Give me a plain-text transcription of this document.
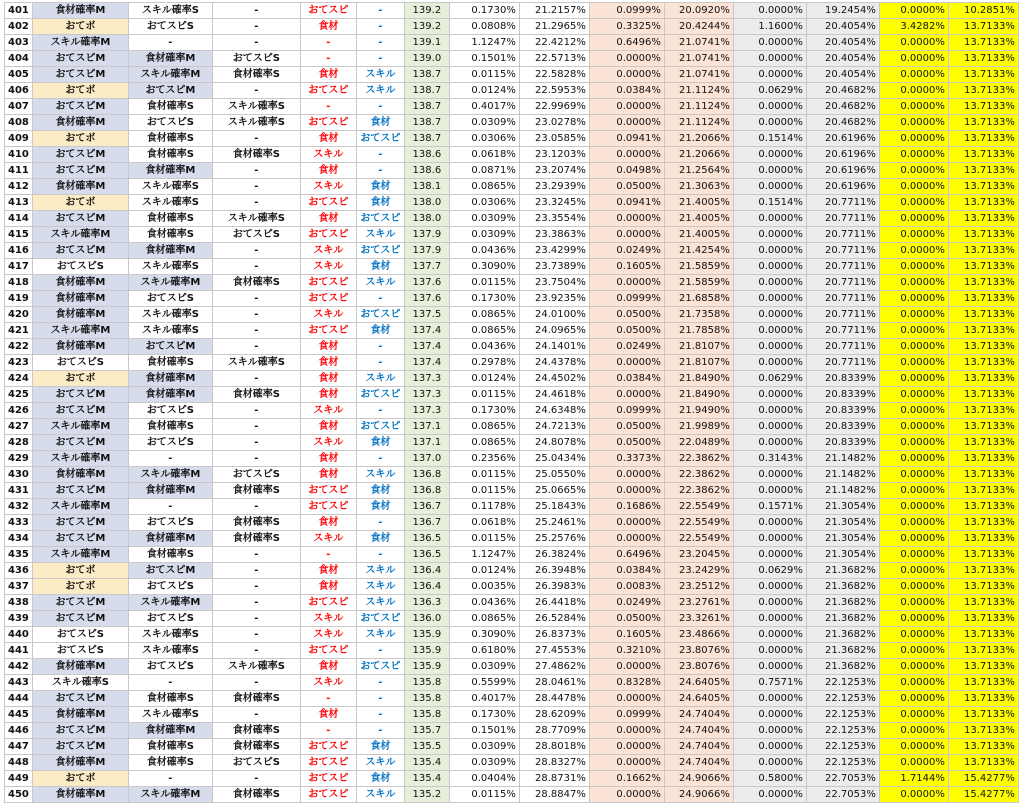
401	食材確率M	スキル確率S	-	おてスピ	-	139.2	0.1730%	21.2157%	0.0999%	20.0920%	0.0000%	19.2454%	0.0000%	10.2851%
402	おてボ	おてスピS	-	食材	-	139.2	0.0808%	21.2965%	0.3325%	20.4244%	1.1600%	20.4054%	3.4282%	13.7133%
403	スキル確率M	-	-	-	-	139.1	1.1247%	22.4212%	0.6496%	21.0741%	0.0000%	20.4054%	0.0000%	13.7133%
404	おてスピM	食材確率M	おてスピS	-	-	139.0	0.1501%	22.5713%	0.0000%	21.0741%	0.0000%	20.4054%	0.0000%	13.7133%
405	おてスピM	スキル確率M	食材確率S	食材	スキル	138.7	0.0115%	22.5828%	0.0000%	21.0741%	0.0000%	20.4054%	0.0000%	13.7133%
406	おてボ	おてスピM	-	おてスピ	スキル	138.7	0.0124%	22.5953%	0.0384%	21.1124%	0.0629%	20.4682%	0.0000%	13.7133%
407	おてスピM	食材確率S	スキル確率S	-	-	138.7	0.4017%	22.9969%	0.0000%	21.1124%	0.0000%	20.4682%	0.0000%	13.7133%
408	食材確率M	おてスピS	スキル確率S	おてスピ	食材	138.7	0.0309%	23.0278%	0.0000%	21.1124%	0.0000%	20.4682%	0.0000%	13.7133%
409	おてボ	食材確率S	-	食材	おてスピ	138.7	0.0306%	23.0585%	0.0941%	21.2066%	0.1514%	20.6196%	0.0000%	13.7133%
410	おてスピM	食材確率S	食材確率S	スキル	-	138.6	0.0618%	23.1203%	0.0000%	21.2066%	0.0000%	20.6196%	0.0000%	13.7133%
411	おてスピM	食材確率M	-	食材	-	138.6	0.0871%	23.2074%	0.0498%	21.2564%	0.0000%	20.6196%	0.0000%	13.7133%
412	食材確率M	スキル確率S	-	スキル	食材	138.1	0.0865%	23.2939%	0.0500%	21.3063%	0.0000%	20.6196%	0.0000%	13.7133%
413	おてボ	スキル確率S	-	おてスピ	食材	138.0	0.0306%	23.3245%	0.0941%	21.4005%	0.1514%	20.7711%	0.0000%	13.7133%
414	おてスピM	食材確率S	スキル確率S	食材	おてスピ	138.0	0.0309%	23.3554%	0.0000%	21.4005%	0.0000%	20.7711%	0.0000%	13.7133%
415	スキル確率M	食材確率S	おてスピS	おてスピ	スキル	137.9	0.0309%	23.3863%	0.0000%	21.4005%	0.0000%	20.7711%	0.0000%	13.7133%
416	おてスピM	食材確率M	-	スキル	おてスピ	137.9	0.0436%	23.4299%	0.0249%	21.4254%	0.0000%	20.7711%	0.0000%	13.7133%
417	おてスピS	スキル確率S	-	スキル	食材	137.7	0.3090%	23.7389%	0.1605%	21.5859%	0.0000%	20.7711%	0.0000%	13.7133%
418	食材確率M	スキル確率M	食材確率S	おてスピ	スキル	137.6	0.0115%	23.7504%	0.0000%	21.5859%	0.0000%	20.7711%	0.0000%	13.7133%
419	食材確率M	おてスピS	-	おてスピ	-	137.6	0.1730%	23.9235%	0.0999%	21.6858%	0.0000%	20.7711%	0.0000%	13.7133%
420	食材確率M	スキル確率S	-	スキル	おてスピ	137.5	0.0865%	24.0100%	0.0500%	21.7358%	0.0000%	20.7711%	0.0000%	13.7133%
421	スキル確率M	スキル確率S	-	おてスピ	食材	137.4	0.0865%	24.0965%	0.0500%	21.7858%	0.0000%	20.7711%	0.0000%	13.7133%
422	食材確率M	おてスピM	-	食材	-	137.4	0.0436%	24.1401%	0.0249%	21.8107%	0.0000%	20.7711%	0.0000%	13.7133%
423	おてスピS	食材確率S	スキル確率S	食材	-	137.4	0.2978%	24.4378%	0.0000%	21.8107%	0.0000%	20.7711%	0.0000%	13.7133%
424	おてボ	食材確率M	-	食材	スキル	137.3	0.0124%	24.4502%	0.0384%	21.8490%	0.0629%	20.8339%	0.0000%	13.7133%
425	おてスピM	食材確率M	食材確率S	食材	おてスピ	137.3	0.0115%	24.4618%	0.0000%	21.8490%	0.0000%	20.8339%	0.0000%	13.7133%
426	おてスピM	おてスピS	-	スキル	-	137.3	0.1730%	24.6348%	0.0999%	21.9490%	0.0000%	20.8339%	0.0000%	13.7133%
427	スキル確率M	食材確率S	-	食材	おてスピ	137.1	0.0865%	24.7213%	0.0500%	21.9989%	0.0000%	20.8339%	0.0000%	13.7133%
428	おてスピM	おてスピS	-	スキル	食材	137.1	0.0865%	24.8078%	0.0500%	22.0489%	0.0000%	20.8339%	0.0000%	13.7133%
429	スキル確率M	-	-	食材	-	137.0	0.2356%	25.0434%	0.3373%	22.3862%	0.3143%	21.1482%	0.0000%	13.7133%
430	食材確率M	スキル確率M	おてスピS	食材	スキル	136.8	0.0115%	25.0550%	0.0000%	22.3862%	0.0000%	21.1482%	0.0000%	13.7133%
431	おてスピM	食材確率M	食材確率S	おてスピ	食材	136.8	0.0115%	25.0665%	0.0000%	22.3862%	0.0000%	21.1482%	0.0000%	13.7133%
432	スキル確率M	-	-	おてスピ	食材	136.7	0.1178%	25.1843%	0.1686%	22.5549%	0.1571%	21.3054%	0.0000%	13.7133%
433	おてスピM	おてスピS	食材確率S	食材	-	136.7	0.0618%	25.2461%	0.0000%	22.5549%	0.0000%	21.3054%	0.0000%	13.7133%
434	おてスピM	食材確率M	食材確率S	スキル	食材	136.5	0.0115%	25.2576%	0.0000%	22.5549%	0.0000%	21.3054%	0.0000%	13.7133%
435	スキル確率M	食材確率S	-	-	-	136.5	1.1247%	26.3824%	0.6496%	23.2045%	0.0000%	21.3054%	0.0000%	13.7133%
436	おてボ	おてスピM	-	食材	スキル	136.4	0.0124%	26.3948%	0.0384%	23.2429%	0.0629%	21.3682%	0.0000%	13.7133%
437	おてボ	おてスピS	-	食材	スキル	136.4	0.0035%	26.3983%	0.0083%	23.2512%	0.0000%	21.3682%	0.0000%	13.7133%
438	おてスピM	スキル確率M	-	おてスピ	スキル	136.3	0.0436%	26.4418%	0.0249%	23.2761%	0.0000%	21.3682%	0.0000%	13.7133%
439	おてスピM	おてスピS	-	スキル	おてスピ	136.0	0.0865%	26.5284%	0.0500%	23.3261%	0.0000%	21.3682%	0.0000%	13.7133%
440	おてスピS	スキル確率S	-	スキル	スキル	135.9	0.3090%	26.8373%	0.1605%	23.4866%	0.0000%	21.3682%	0.0000%	13.7133%
441	おてスピS	スキル確率S	-	おてスピ	-	135.9	0.6180%	27.4553%	0.3210%	23.8076%	0.0000%	21.3682%	0.0000%	13.7133%
442	食材確率M	おてスピS	スキル確率S	食材	おてスピ	135.9	0.0309%	27.4862%	0.0000%	23.8076%	0.0000%	21.3682%	0.0000%	13.7133%
443	スキル確率S	-	-	スキル	-	135.8	0.5599%	28.0461%	0.8328%	24.6405%	0.7571%	22.1253%	0.0000%	13.7133%
444	おてスピM	食材確率S	食材確率S	-	-	135.8	0.4017%	28.4478%	0.0000%	24.6405%	0.0000%	22.1253%	0.0000%	13.7133%
445	食材確率M	スキル確率S	-	食材	-	135.8	0.1730%	28.6209%	0.0999%	24.7404%	0.0000%	22.1253%	0.0000%	13.7133%
446	おてスピM	食材確率M	食材確率S	-	-	135.7	0.1501%	28.7709%	0.0000%	24.7404%	0.0000%	22.1253%	0.0000%	13.7133%
447	おてスピM	食材確率S	食材確率S	おてスピ	食材	135.5	0.0309%	28.8018%	0.0000%	24.7404%	0.0000%	22.1253%	0.0000%	13.7133%
448	食材確率M	食材確率S	おてスピS	おてスピ	スキル	135.4	0.0309%	28.8327%	0.0000%	24.7404%	0.0000%	22.1253%	0.0000%	13.7133%
449	おてボ	-	-	おてスピ	食材	135.4	0.0404%	28.8731%	0.1662%	24.9066%	0.5800%	22.7053%	1.7144%	15.4277%
450	食材確率M	スキル確率M	食材確率S	おてスピ	スキル	135.2	0.0115%	28.8847%	0.0000%	24.9066%	0.0000%	22.7053%	0.0000%	15.4277%
